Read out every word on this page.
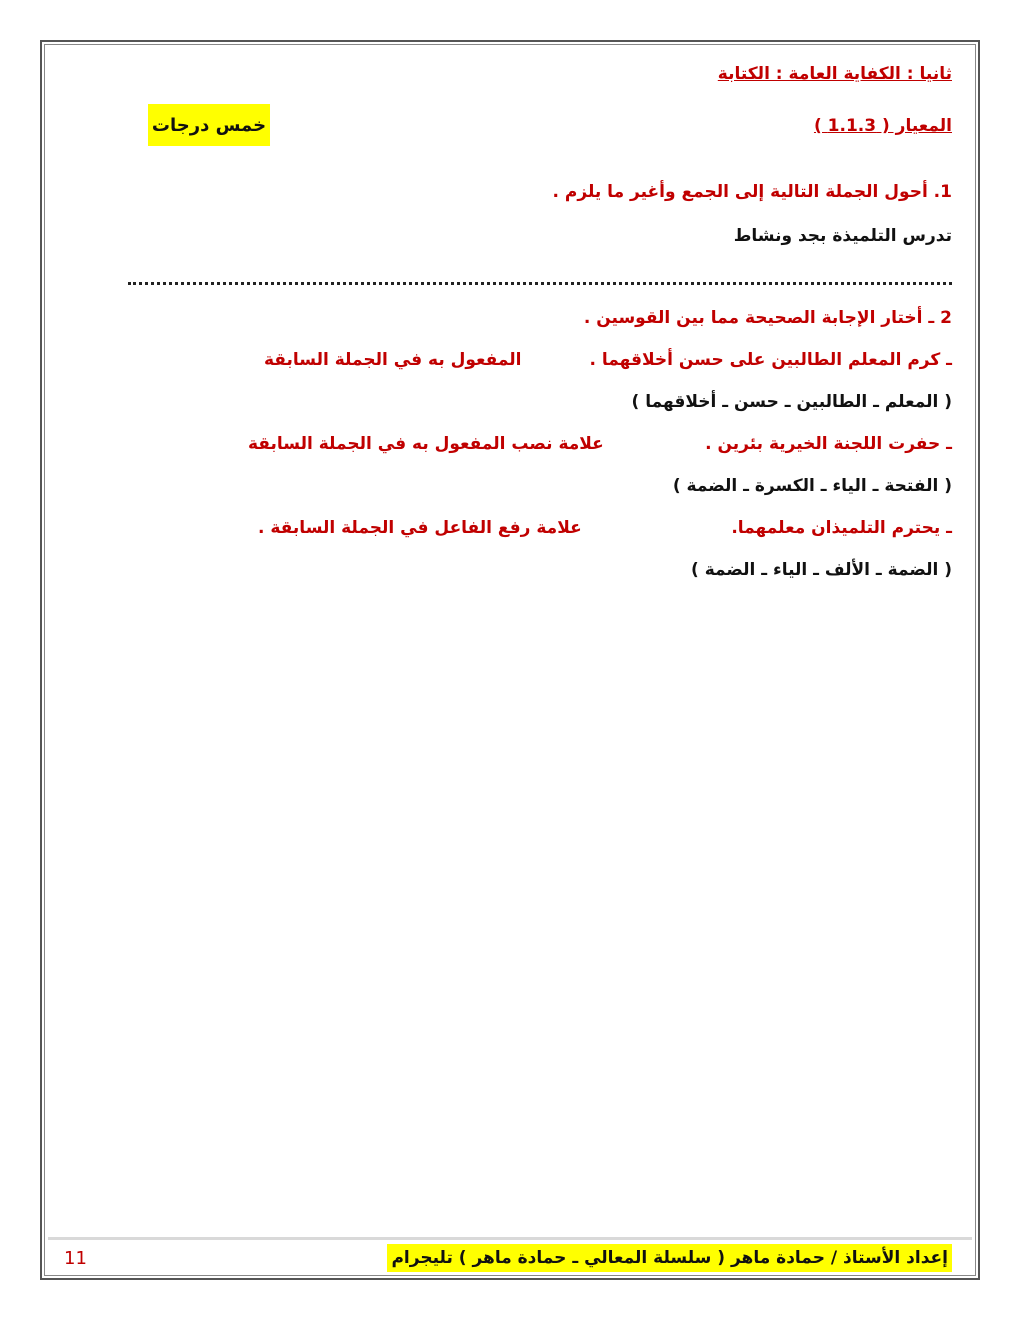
ثانيا : الكفاية العامة : الكتابة
المعيار ( 1.1.3 )
خمس درجات
1. أحول الجملة التالية إلى الجمع وأغير ما يلزم .
تدرس التلميذة بجد ونشاط
2 ـ أختار الإجابة الصحيحة مما بين القوسين .
ـ كرم المعلم الطالبين على حسن أخلاقهما .
المفعول به في الجملة السابقة
( المعلم ـ الطالبين ـ حسن ـ أخلاقهما )
ـ حفرت اللجنة الخيرية بئرين .
علامة نصب المفعول به في الجملة السابقة
( الفتحة ـ الياء ـ الكسرة ـ الضمة )
ـ يحترم التلميذان معلمهما.
علامة رفع الفاعل في الجملة السابقة .
( الضمة ـ الألف ـ الياء ـ الضمة )
إعداد الأستاذ / حمادة ماهر ( سلسلة المعالي ـ حمادة ماهر ) تليجرام
11
